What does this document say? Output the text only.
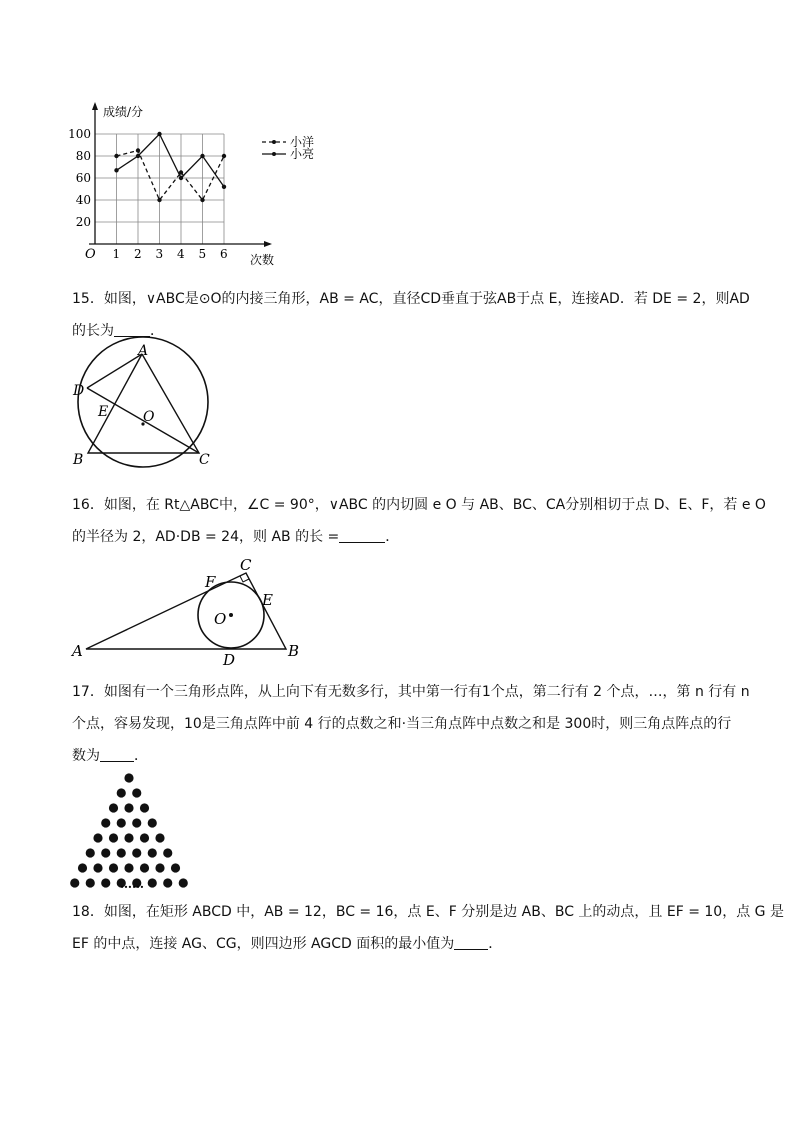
1 2 3 4 5 6
20
40
60
80
100
O
成绩/分
次数
小洋
小亮
15．如图，∨ABC是⊙O的内接三角形，AB = AC，直径CD垂直于弦AB于点 E，连接AD．若 DE = 2，则AD
的长为	．
A
D
E O
B	C
16．如图，在 Rt△ABC中，∠C = 90°，∨ABC 的内切圆 e O 与 AB、BC、CA分别相切于点 D、E、F，若 e O
的半径为 2，AD·DB = 24，则 AB 的长 =	．
C
F
E
O
A	D	B
17．如图有一个三角形点阵，从上向下有无数多行，其中第一行有1个点，第二行有 2 个点，…，第 n 行有 n
个点，容易发现，10是三角点阵中前 4 行的点数之和·当三角点阵中点数之和是 300时，则三角点阵点的行
数为 ．
……
18．如图，在矩形 ABCD 中，AB = 12，BC = 16，点 E、F 分别是边 AB、BC 上的动点，且 EF = 10，点 G 是
EF 的中点，连接 AG、CG，则四边形 AGCD 面积的最小值为 ．
